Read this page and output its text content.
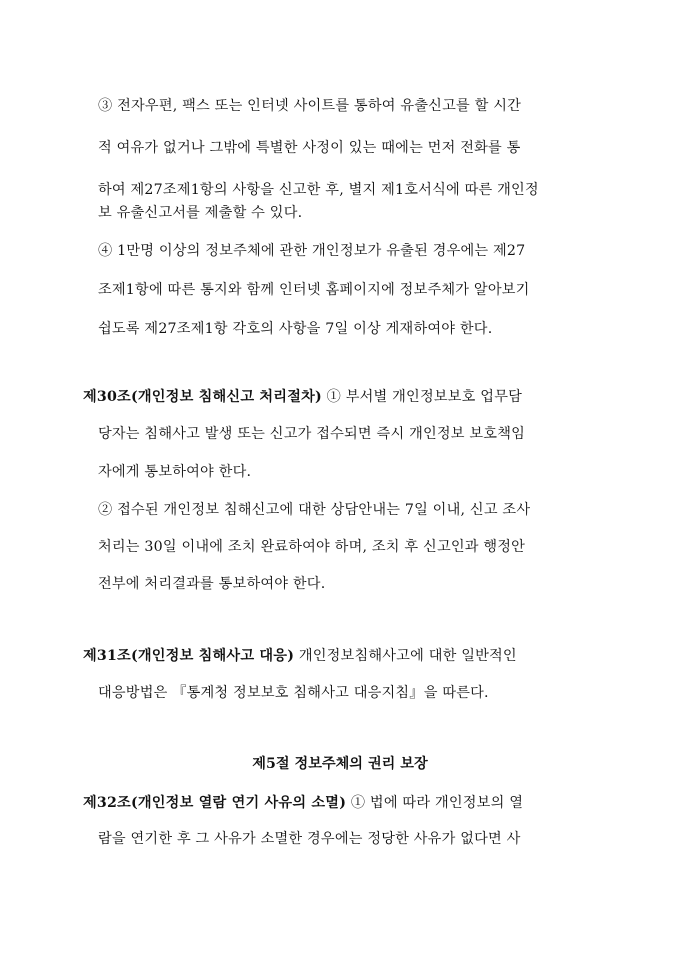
③ 전자우편, 팩스 또는 인터넷 사이트를 통하여 유출신고를 할 시간
적 여유가 없거나 그밖에 특별한 사정이 있는 때에는 먼저 전화를 통
하여 제27조제1항의 사항을 신고한 후, 별지 제1호서식에 따른 개인정
보 유출신고서를 제출할 수 있다.
④ 1만명 이상의 정보주체에 관한 개인정보가 유출된 경우에는 제27
조제1항에 따른 통지와 함께 인터넷 홈페이지에 정보주체가 알아보기
쉽도록 제27조제1항 각호의 사항을 7일 이상 게재하여야 한다.
제30조(개인정보 침해신고 처리절차) ① 부서별 개인정보보호 업무담
당자는 침해사고 발생 또는 신고가 접수되면 즉시 개인정보 보호책임
자에게 통보하여야 한다.
② 접수된 개인정보 침해신고에 대한 상담안내는 7일 이내, 신고 조사
처리는 30일 이내에 조치 완료하여야 하며, 조치 후 신고인과 행정안
전부에 처리결과를 통보하여야 한다.
제31조(개인정보 침해사고 대응) 개인정보침해사고에 대한 일반적인
대응방법은 『통계청 정보보호 침해사고 대응지침』을 따른다.
제5절 정보주체의 권리 보장
제32조(개인정보 열람 연기 사유의 소멸) ① 법에 따라 개인정보의 열
람을 연기한 후 그 사유가 소멸한 경우에는 정당한 사유가 없다면 사
